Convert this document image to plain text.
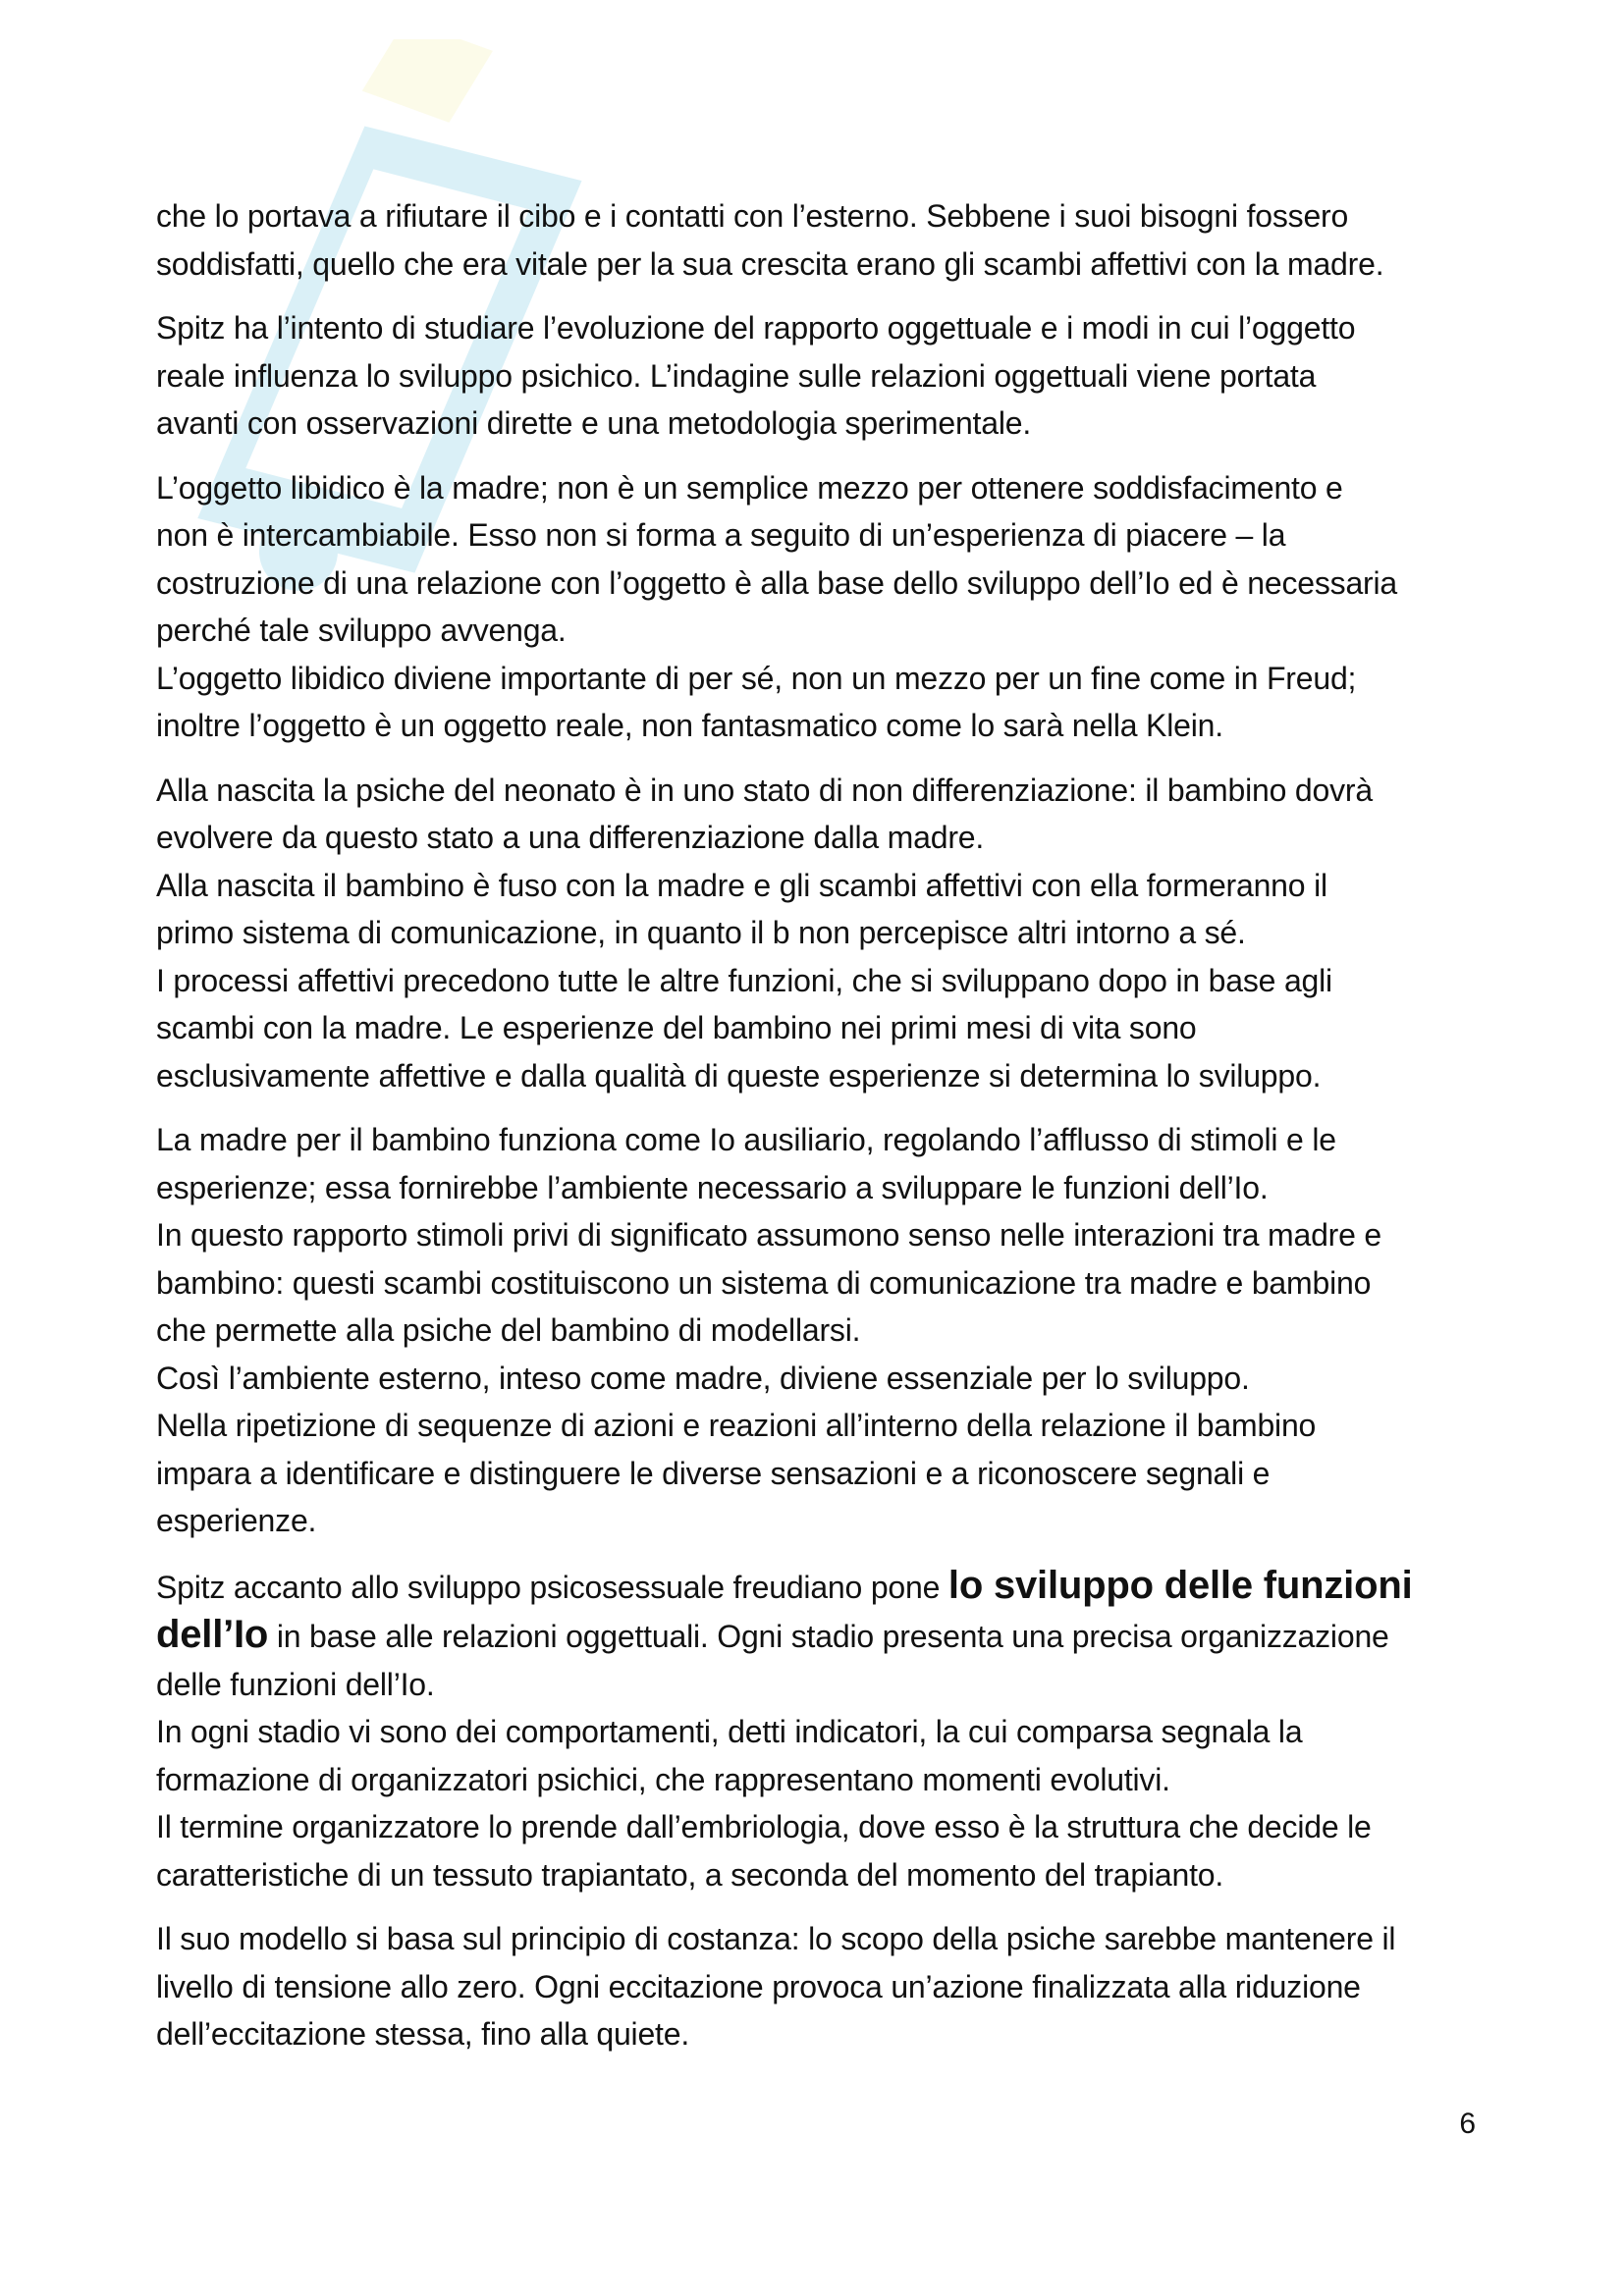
che lo portava a rifiutare il cibo e i contatti con l’esterno. Sebbene i suoi bisogni fossero
soddisfatti, quello che era vitale per la sua crescita erano gli scambi affettivi con la madre.

Spitz ha l’intento di studiare l’evoluzione del rapporto oggettuale e i modi in cui l’oggetto
reale influenza lo sviluppo psichico. L’indagine sulle relazioni oggettuali viene portata
avanti con osservazioni dirette e una metodologia sperimentale.

L’oggetto libidico è la madre; non è un semplice mezzo per ottenere soddisfacimento e
non è intercambiabile. Esso non si forma a seguito di un’esperienza di piacere – la
costruzione di una relazione con l’oggetto è alla base dello sviluppo dell’Io ed è necessaria
perché tale sviluppo avvenga.
L’oggetto libidico diviene importante di per sé, non un mezzo per un fine come in Freud;
inoltre l’oggetto è un oggetto reale, non fantasmatico come lo sarà nella Klein.

Alla nascita la psiche del neonato è in uno stato di non differenziazione: il bambino dovrà
evolvere da questo stato a una differenziazione dalla madre.
Alla nascita il bambino è fuso con la madre e gli scambi affettivi con ella formeranno il
primo sistema di comunicazione, in quanto il b non percepisce altri intorno a sé.
I processi affettivi precedono tutte le altre funzioni, che si sviluppano dopo in base agli
scambi con la madre. Le esperienze del bambino nei primi mesi di vita sono
esclusivamente affettive e dalla qualità di queste esperienze si determina lo sviluppo.

La madre per il bambino funziona come Io ausiliario, regolando l’afflusso di stimoli e le
esperienze; essa fornirebbe l’ambiente necessario a sviluppare le funzioni dell’Io.
In questo rapporto stimoli privi di significato assumono senso nelle interazioni tra madre e
bambino: questi scambi costituiscono un sistema di comunicazione tra madre e bambino
che permette alla psiche del bambino di modellarsi.
Così l’ambiente esterno, inteso come madre, diviene essenziale per lo sviluppo.
Nella ripetizione di sequenze di azioni e reazioni all’interno della relazione il bambino
impara a identificare e distinguere le diverse sensazioni e a riconoscere segnali e
esperienze.

Spitz accanto allo sviluppo psicosessuale freudiano pone lo sviluppo delle funzioni
dell’Io in base alle relazioni oggettuali. Ogni stadio presenta una precisa organizzazione
delle funzioni dell’Io.
In ogni stadio vi sono dei comportamenti, detti indicatori, la cui comparsa segnala la
formazione di organizzatori psichici, che rappresentano momenti evolutivi.
Il termine organizzatore lo prende dall’embriologia, dove esso è la struttura che decide le
caratteristiche di un tessuto trapiantato, a seconda del momento del trapianto.

Il suo modello si basa sul principio di costanza: lo scopo della psiche sarebbe mantenere il
livello di tensione allo zero. Ogni eccitazione provoca un’azione finalizzata alla riduzione
dell’eccitazione stessa, fino alla quiete.

6
